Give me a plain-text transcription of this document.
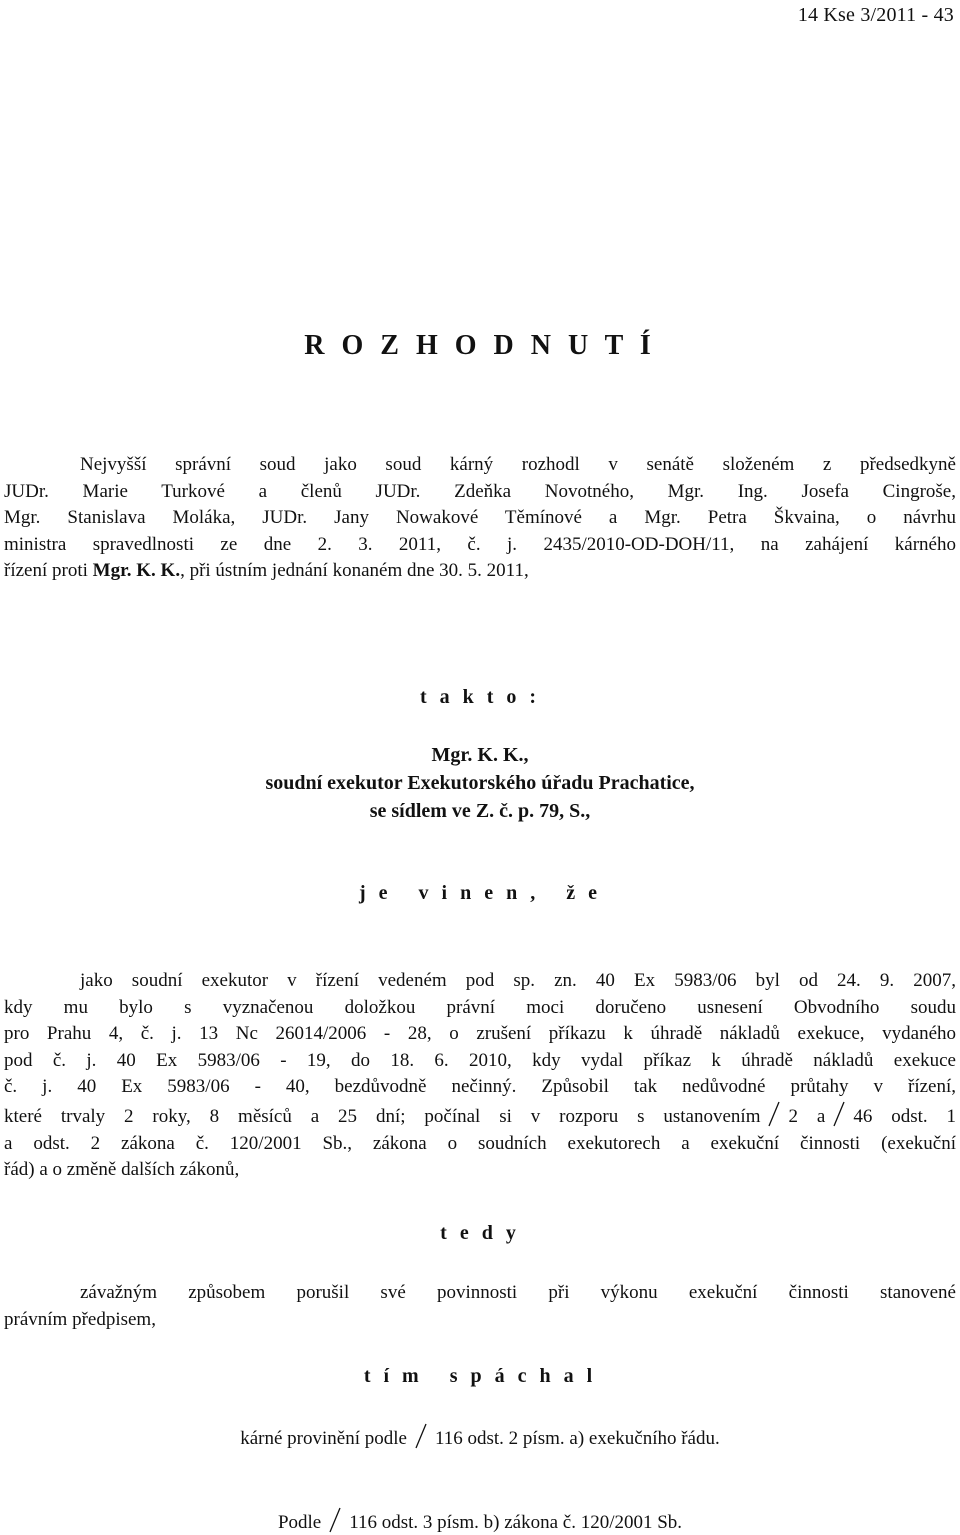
14 Kse 3/2011 - 43
R O Z H O D N U T Í
Nejvyšší správní soud jako soud kárný rozhodl v senátě složeném z předsedkyně
JUDr. Marie Turkové a členů JUDr. Zdeňka Novotného, Mgr. Ing. Josefa Cingroše,
Mgr. Stanislava Moláka, JUDr. Jany Nowakové Těmínové a Mgr. Petra Škvaina, o návrhu
ministra spravedlnosti ze dne 2. 3. 2011, č. j. 2435/2010-OD-DOH/11, na zahájení kárného
řízení proti Mgr. K. K., při ústním jednání konaném dne 30. 5. 2011,
t a k t o :
Mgr. K. K.,
soudní exekutor Exekutorského úřadu Prachatice,
se sídlem ve Z. č. p. 79, S.,
j e   v i n e n ,   ž e
jako soudní exekutor v řízení vedeném pod sp. zn. 40 Ex 5983/06 byl od 24. 9. 2007,
kdy mu bylo s vyznačenou doložkou právní moci doručeno usnesení Obvodního soudu
pro Prahu 4, č. j. 13 Nc 26014/2006 - 28, o zrušení příkazu k úhradě nákladů exekuce, vydaného
pod č. j. 40 Ex 5983/06 - 19, do 18. 6. 2010, kdy vydal příkaz k úhradě nákladů exekuce
č. j. 40 Ex 5983/06 - 40, bezdůvodně nečinný. Způsobil tak nedůvodné průtahy v řízení,
které trvaly 2 roky, 8 měsíců a 25 dní; počínal si v rozporu s ustanovením 2 a 46 odst. 1
a odst. 2 zákona č. 120/2001 Sb., zákona o soudních exekutorech a exekuční činnosti (exekuční
řád) a o změně dalších zákonů,
t e d y
závažným způsobem porušil své povinnosti při výkonu exekuční činnosti stanovené
právním předpisem,
t í m   s p á c h a l
kárné provinění podle 116 odst. 2 písm. a) exekučního řádu.
Podle 116 odst. 3 písm. b) zákona č. 120/2001 Sb.
